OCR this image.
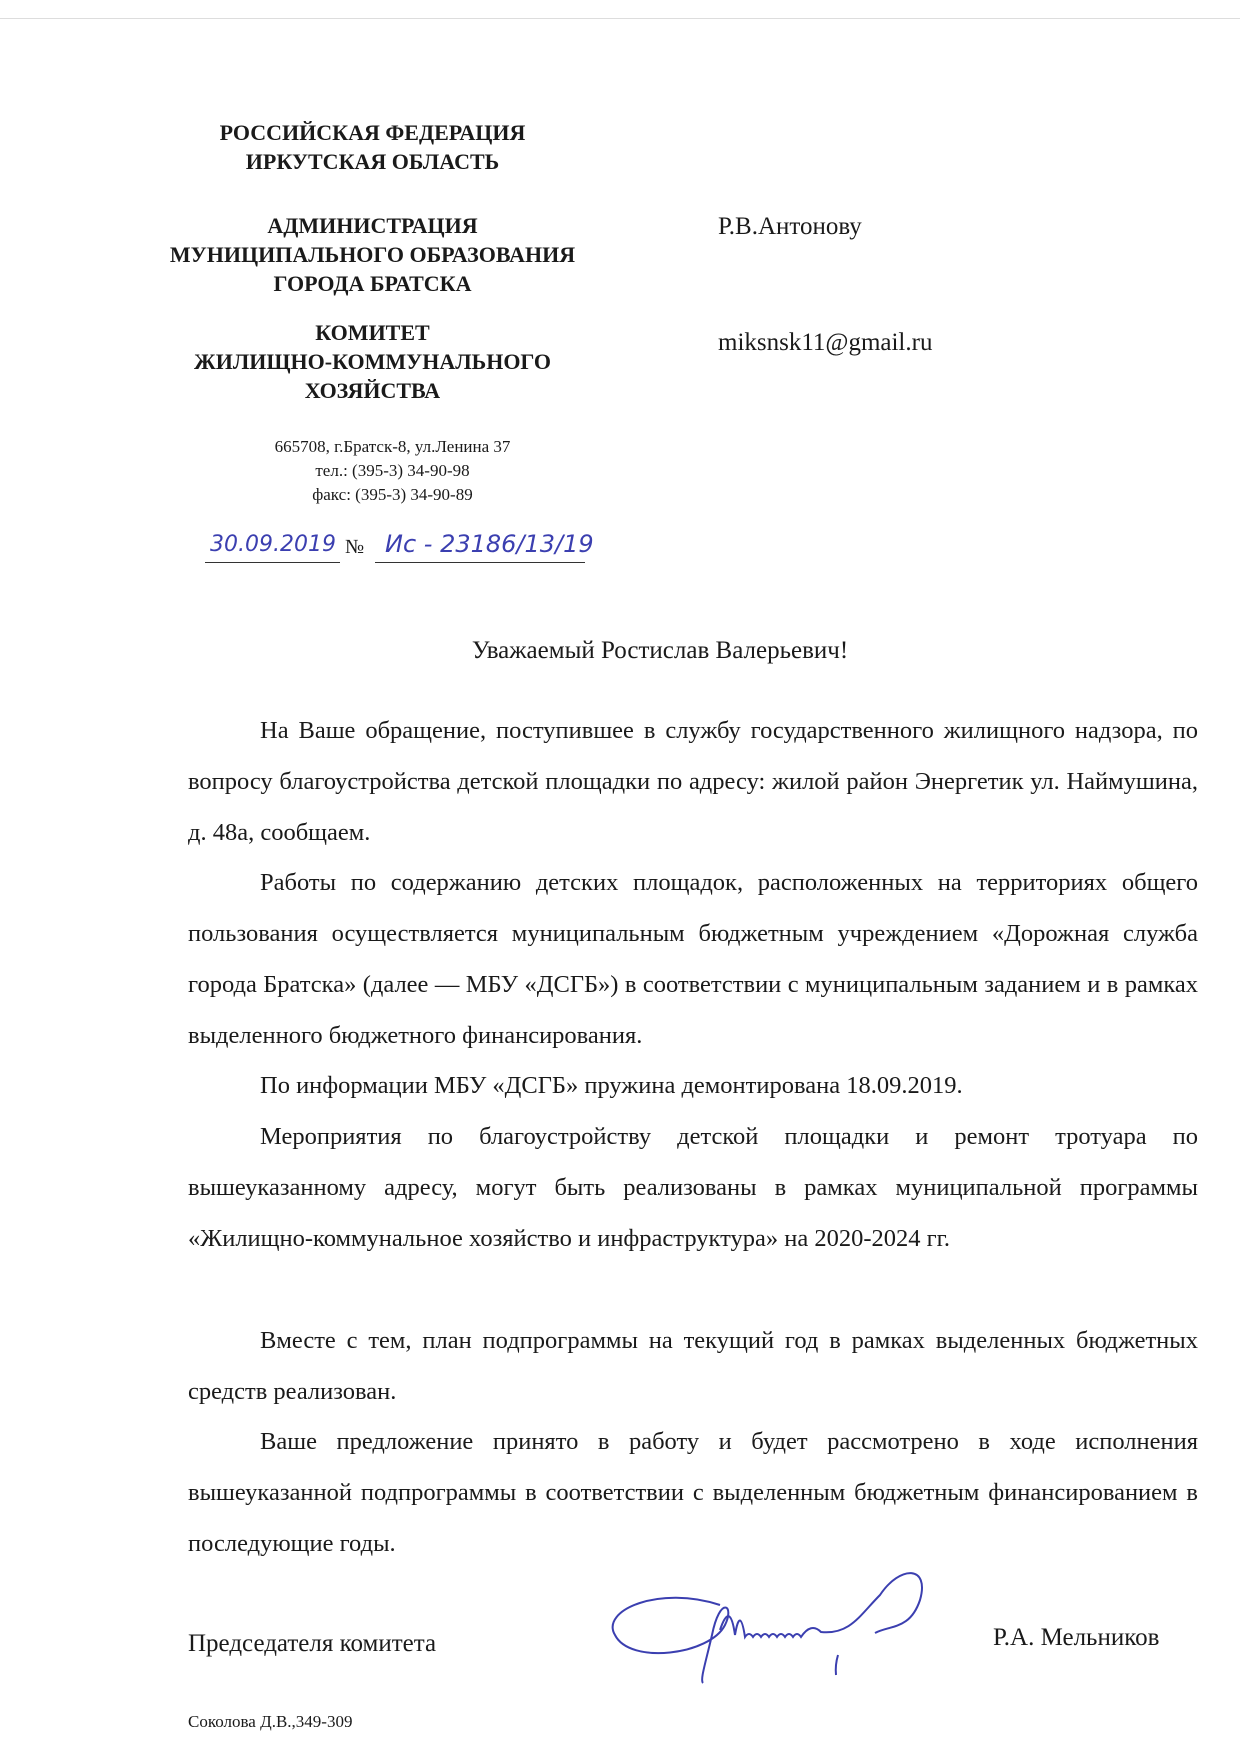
РОССИЙСКАЯ ФЕДЕРАЦИЯ
ИРКУТСКАЯ ОБЛАСТЬ
АДМИНИСТРАЦИЯ
МУНИЦИПАЛЬНОГО ОБРАЗОВАНИЯ
ГОРОДА БРАТСКА
КОМИТЕТ
ЖИЛИЩНО-КОММУНАЛЬНОГО
ХОЗЯЙСТВА
665708, г.Братск-8, ул.Ленина 37
тел.: (395-3) 34-90-98
факс: (395-3) 34-90-89
30.09.2019 № Ис - 23186/13/19
Р.В.Антонову
miksnsk11@gmail.ru
Уважаемый Ростислав Валерьевич!
На Ваше обращение, поступившее в службу государственного жилищного надзора, по вопросу благоустройства детской площадки по адресу: жилой район Энергетик ул. Наймушина, д. 48а, сообщаем.
Работы по содержанию детских площадок, расположенных на территориях общего пользования осуществляется муниципальным бюджетным учреждением «Дорожная служба города Братска» (далее — МБУ «ДСГБ») в соответствии с муниципальным заданием и в рамках выделенного бюджетного финансирования.
По информации МБУ «ДСГБ» пружина демонтирована 18.09.2019.
Мероприятия по благоустройству детской площадки и ремонт тротуара по вышеуказанному адресу, могут быть реализованы в рамках муниципальной программы «Жилищно-коммунальное хозяйство и инфраструктура» на 2020-2024 гг.
Вместе с тем, план подпрограммы на текущий год в рамках выделенных бюджетных средств реализован.
Ваше предложение принято в работу и будет рассмотрено в ходе исполнения вышеуказанной подпрограммы в соответствии с выделенным бюджетным финансированием в последующие годы.
Председателя комитета	Р.А. Мельников
Соколова Д.В.,349-309
